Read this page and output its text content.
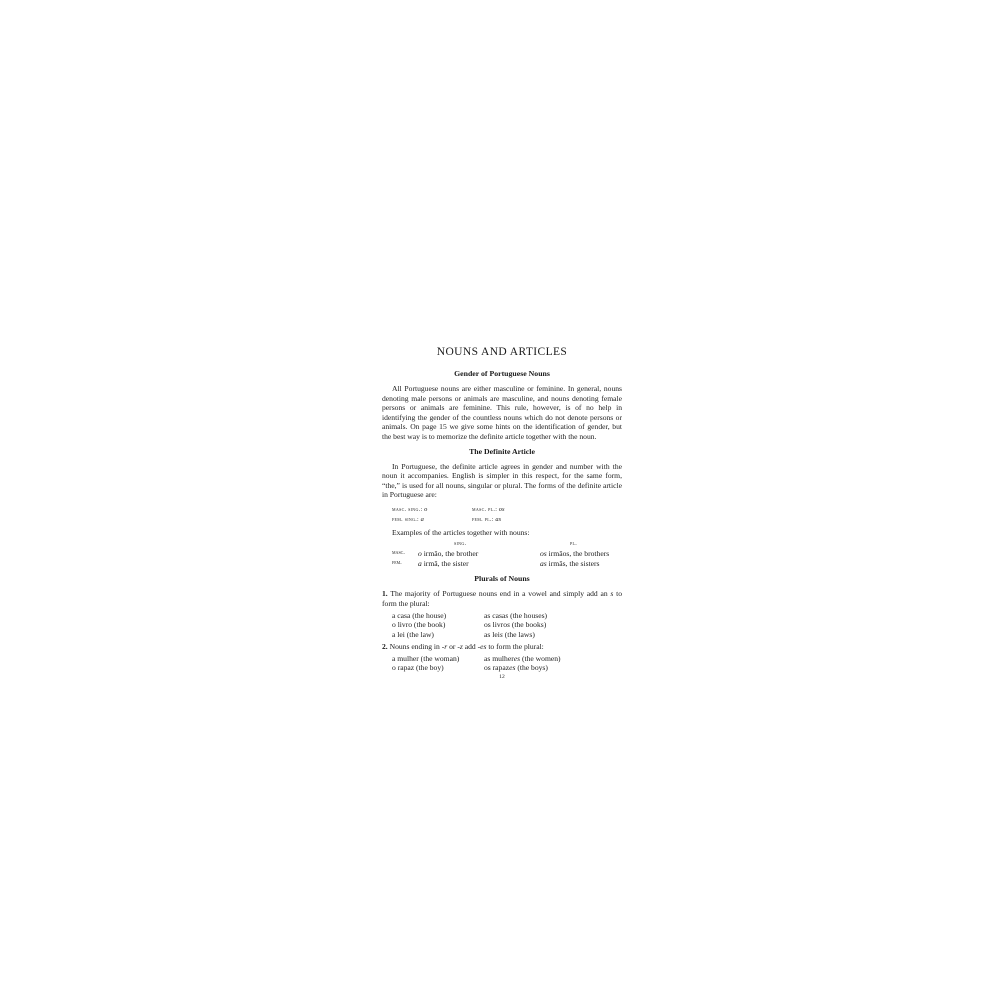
NOUNS AND ARTICLES
Gender of Portuguese Nouns

All Portuguese nouns are either masculine or feminine. In general, nouns denoting male persons or animals are masculine, and nouns denoting female persons or animals are feminine. This rule, however, is of no help in identifying the gender of the countless nouns which do not denote persons or animals. On page 15 we give some hints on the identification of gender, but the best way is to memorize the definite article together with the noun.

The Definite Article

In Portuguese, the definite article agrees in gender and number with the noun it accompanies. English is simpler in this respect, for the same form, “the,” is used for all nouns, singular or plural. The forms of the definite article in Portuguese are:

masc. sing.: o	masc. pl.: os
fem. sing.: a	fem. pl.: as
Examples of the articles together with nouns:
sing.	pl.
masc.	o irmão, the brother	os irmãos, the brothers
fem.	a irmã, the sister	as irmãs, the sisters
Plurals of Nouns

1. The majority of Portuguese nouns end in a vowel and simply add an s to form the plural:

a casa (the house)	as casas (the houses)
o livro (the book)	os livros (the books)
a lei (the law)	as leis (the laws)

2. Nouns ending in -r or -z add -es to form the plural:

a mulher (the woman)	as mulheres (the women)
o rapaz (the boy)	os rapazes (the boys)
12
